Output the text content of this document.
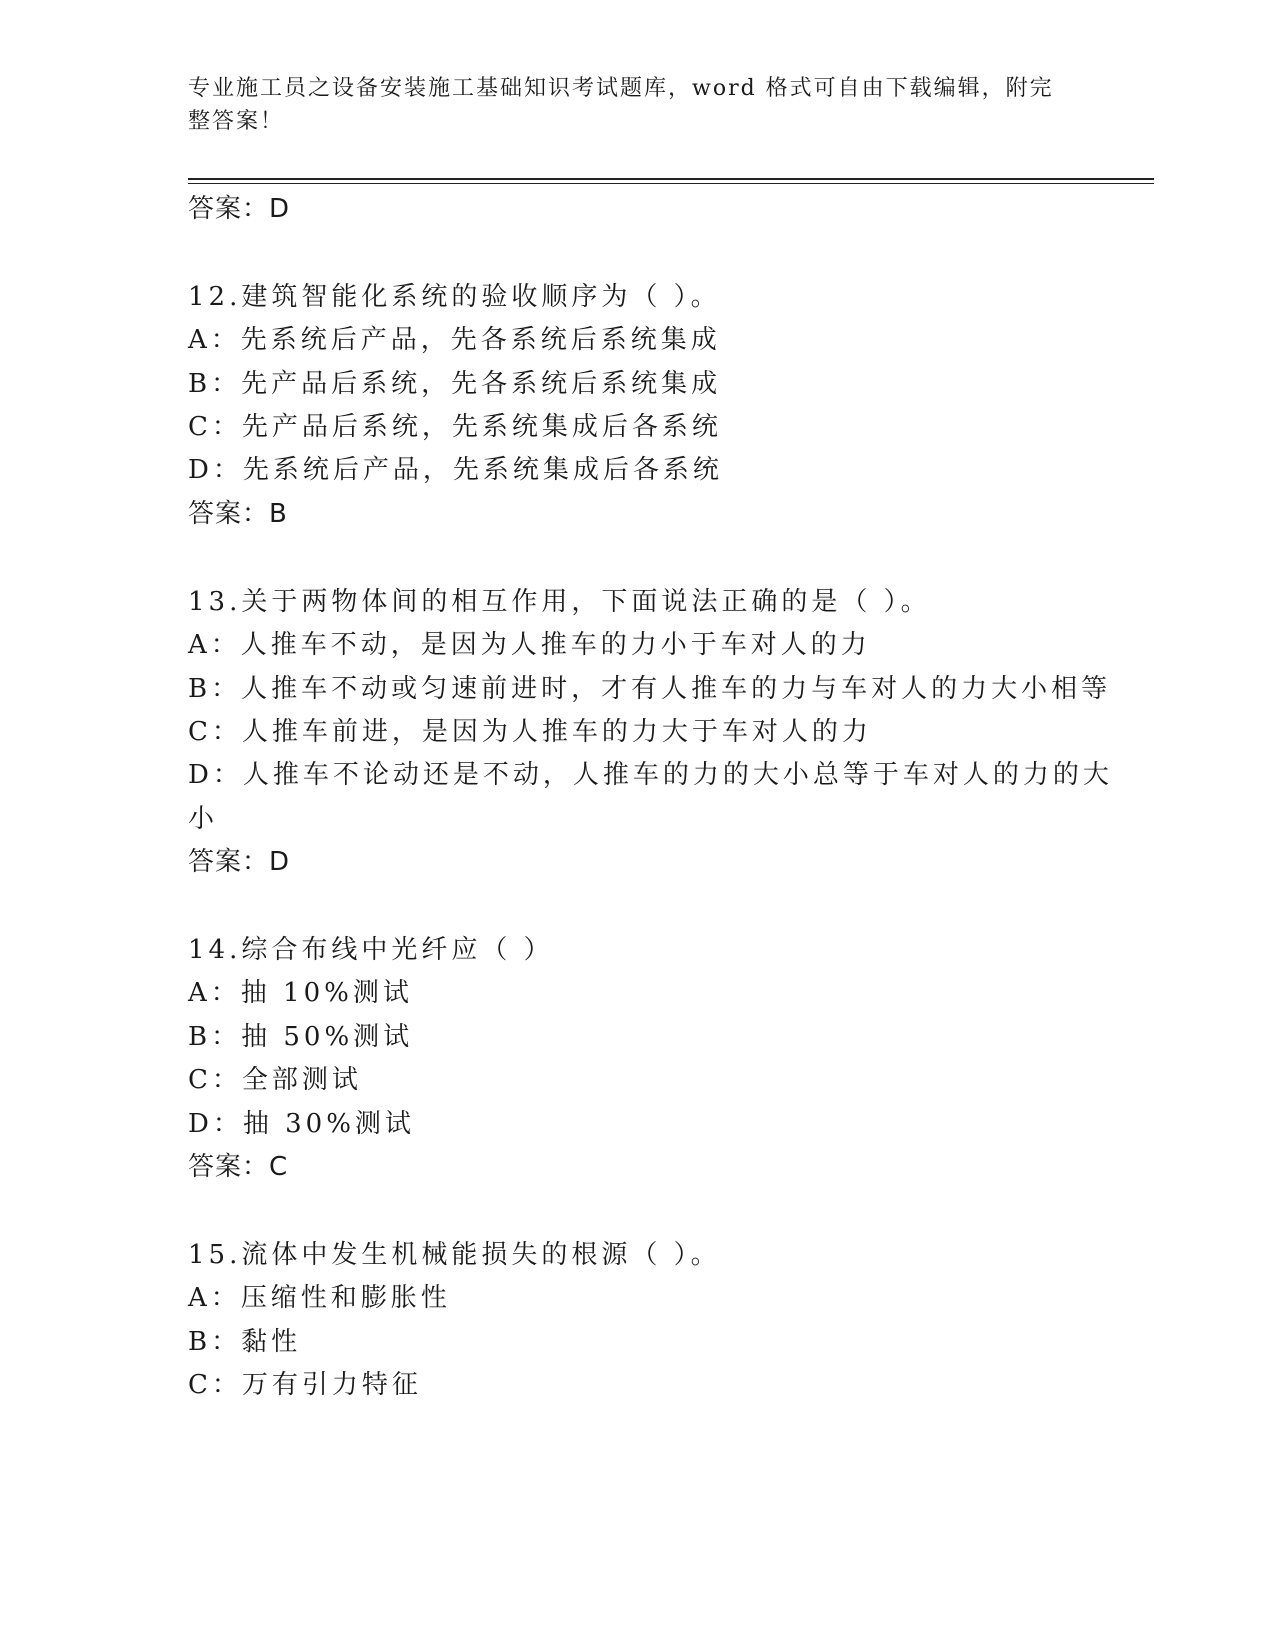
专业施工员之设备安装施工基础知识考试题库，word 格式可自由下载编辑，附完
整答案！
答案：D
12.建筑智能化系统的验收顺序为（ ）。
A：先系统后产品，先各系统后系统集成
B：先产品后系统，先各系统后系统集成
C：先产品后系统，先系统集成后各系统
D：先系统后产品，先系统集成后各系统
答案：B
13.关于两物体间的相互作用，下面说法正确的是（ ）。
A：人推车不动，是因为人推车的力小于车对人的力
B：人推车不动或匀速前进时，才有人推车的力与车对人的力大小相等
C：人推车前进，是因为人推车的力大于车对人的力
D：人推车不论动还是不动，人推车的力的大小总等于车对人的力的大
小
答案：D
14.综合布线中光纤应（ ）
A：抽 10%测试
B：抽 50%测试
C：全部测试
D：抽 30%测试
答案：C
15.流体中发生机械能损失的根源（ ）。
A：压缩性和膨胀性
B：黏性
C：万有引力特征
